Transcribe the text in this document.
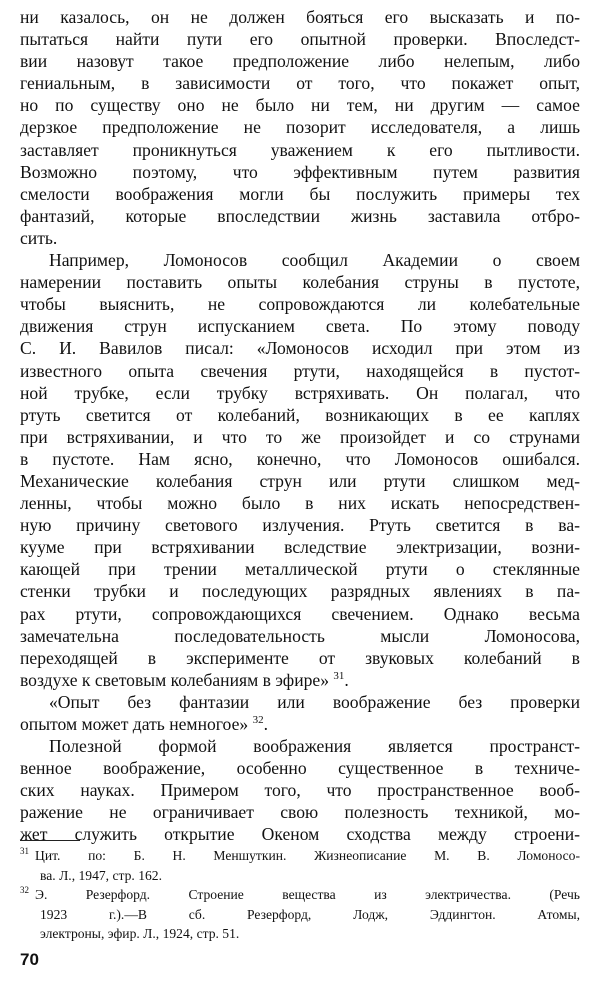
ни казалось, он не должен бояться его высказать и по-
пытаться найти пути его опытной проверки. Впоследст-
вии назовут такое предположение либо нелепым, либо
гениальным, в зависимости от того, что покажет опыт,
но по существу оно не было ни тем, ни другим — самое
дерзкое предположение не позорит исследователя, а лишь
заставляет проникнуться уважением к его пытливости.
Возможно поэтому, что эффективным путем развития
смелости воображения могли бы послужить примеры тех
фантазий, которые впоследствии жизнь заставила отбро-
сить.
Например, Ломоносов сообщил Академии о своем
намерении поставить опыты колебания струны в пустоте,
чтобы выяснить, не сопровождаются ли колебательные
движения струн испусканием света. По этому поводу
С. И. Вавилов писал: «Ломоносов исходил при этом из
известного опыта свечения ртути, находящейся в пустот-
ной трубке, если трубку встряхивать. Он полагал, что
ртуть светится от колебаний, возникающих в ее каплях
при встряхивании, и что то же произойдет и со струнами
в пустоте. Нам ясно, конечно, что Ломоносов ошибался.
Механические колебания струн или ртути слишком мед-
ленны, чтобы можно было в них искать непосредствен-
ную причину светового излучения. Ртуть светится в ва-
кууме при встряхивании вследствие электризации, возни-
кающей при трении металлической ртути о стеклянные
стенки трубки и последующих разрядных явлениях в па-
рах ртути, сопровождающихся свечением. Однако весьма
замечательна последовательность мысли Ломоносова,
переходящей в эксперименте от звуковых колебаний в
воздухе к световым колебаниям в эфире» $^{31}$.
«Опыт без фантазии или воображение без проверки
опытом может дать немногое» $^{32}$.
Полезной формой воображения является пространст-
венное воображение, особенно существенное в техниче-
ских науках. Примером того, что пространственное вооб-
ражение не ограничивает свою полезность техникой, мо-
жет служить открытие Океном сходства между строени-
$^{31}$ Цит. по: Б. Н. Меншуткин. Жизнеописание М. В. Ломоносо-
ва. Л., 1947, стр. 162.
$^{32}$ Э. Резерфорд. Строение вещества из электричества. (Речь
1923 г.).—В сб. Резерфорд, Лодж, Эддингтон. Атомы,
электроны, эфир. Л., 1924, стр. 51.
70
